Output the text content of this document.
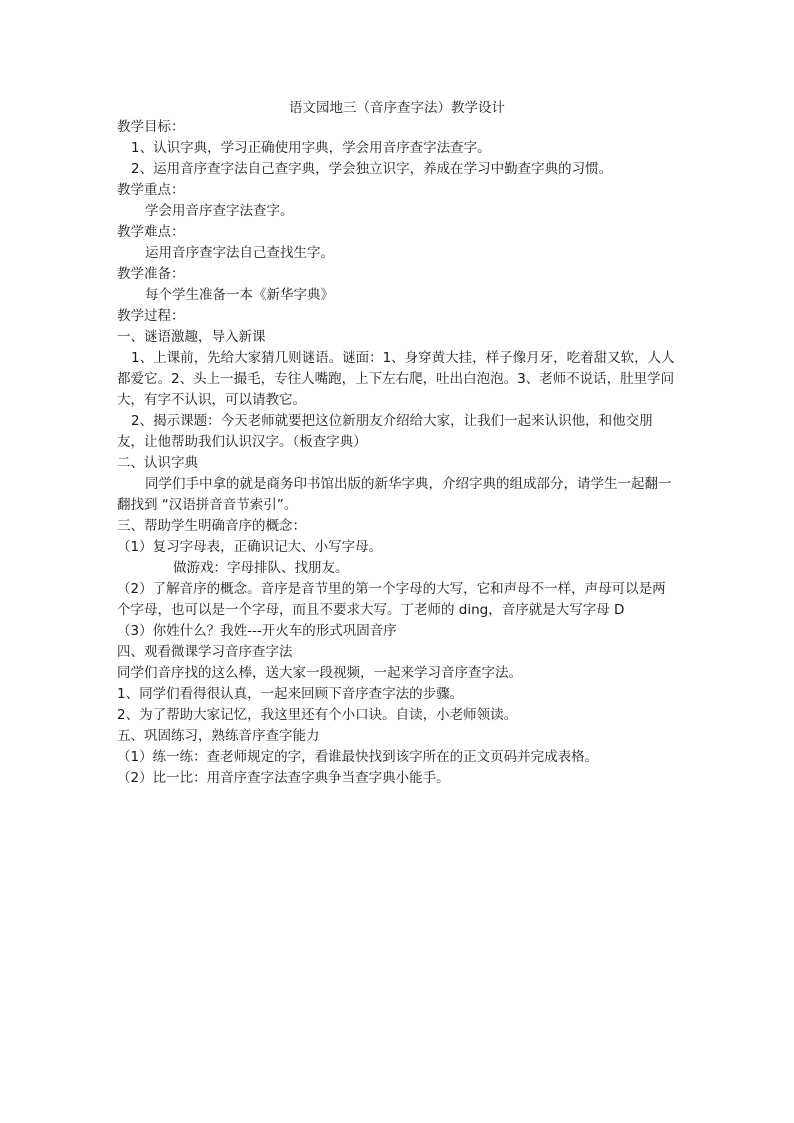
语文园地三（音序查字法）教学设计

教学目标：

1、认识字典，学习正确使用字典，学会用音序查字法查字。

2、运用音序查字法自己查字典，学会独立识字，养成在学习中勤查字典的习惯。

教学重点：

学会用音序查字法查字。

教学难点：

运用音序查字法自己查找生字。

教学准备：

每个学生准备一本《新华字典》

教学过程：

一、谜语激趣，导入新课

1、上课前，先给大家猜几则谜语。谜面：1、身穿黄大挂，样子像月牙，吃着甜又软，人人都爱它。2、头上一撮毛，专往人嘴跑，上下左右爬，吐出白泡泡。3、老师不说话，肚里学问大，有字不认识，可以请教它。

2、揭示课题：今天老师就要把这位新朋友介绍给大家，让我们一起来认识他，和他交朋友，让他帮助我们认识汉字。（板查字典）

二、认识字典

同学们手中拿的就是商务印书馆出版的新华字典，介绍字典的组成部分，请学生一起翻一翻找到 “汉语拼音音节索引”。

三、帮助学生明确音序的概念：

（1）复习字母表，正确识记大、小写字母。

做游戏：字母排队、找朋友。

（2）了解音序的概念。音序是音节里的第一个字母的大写，它和声母不一样，声母可以是两个字母，也可以是一个字母，而且不要求大写。丁老师的 ding，音序就是大写字母 D

（3）你姓什么？我姓---开火车的形式巩固音序

四、观看微课学习音序查字法

同学们音序找的这么棒，送大家一段视频，一起来学习音序查字法。

1、同学们看得很认真，一起来回顾下音序查字法的步骤。

2、为了帮助大家记忆，我这里还有个小口诀。自读，小老师领读。

五、巩固练习，熟练音序查字能力

（1）练一练：查老师规定的字，看谁最快找到该字所在的正文页码并完成表格。

（2）比一比：用音序查字法查字典争当查字典小能手。
